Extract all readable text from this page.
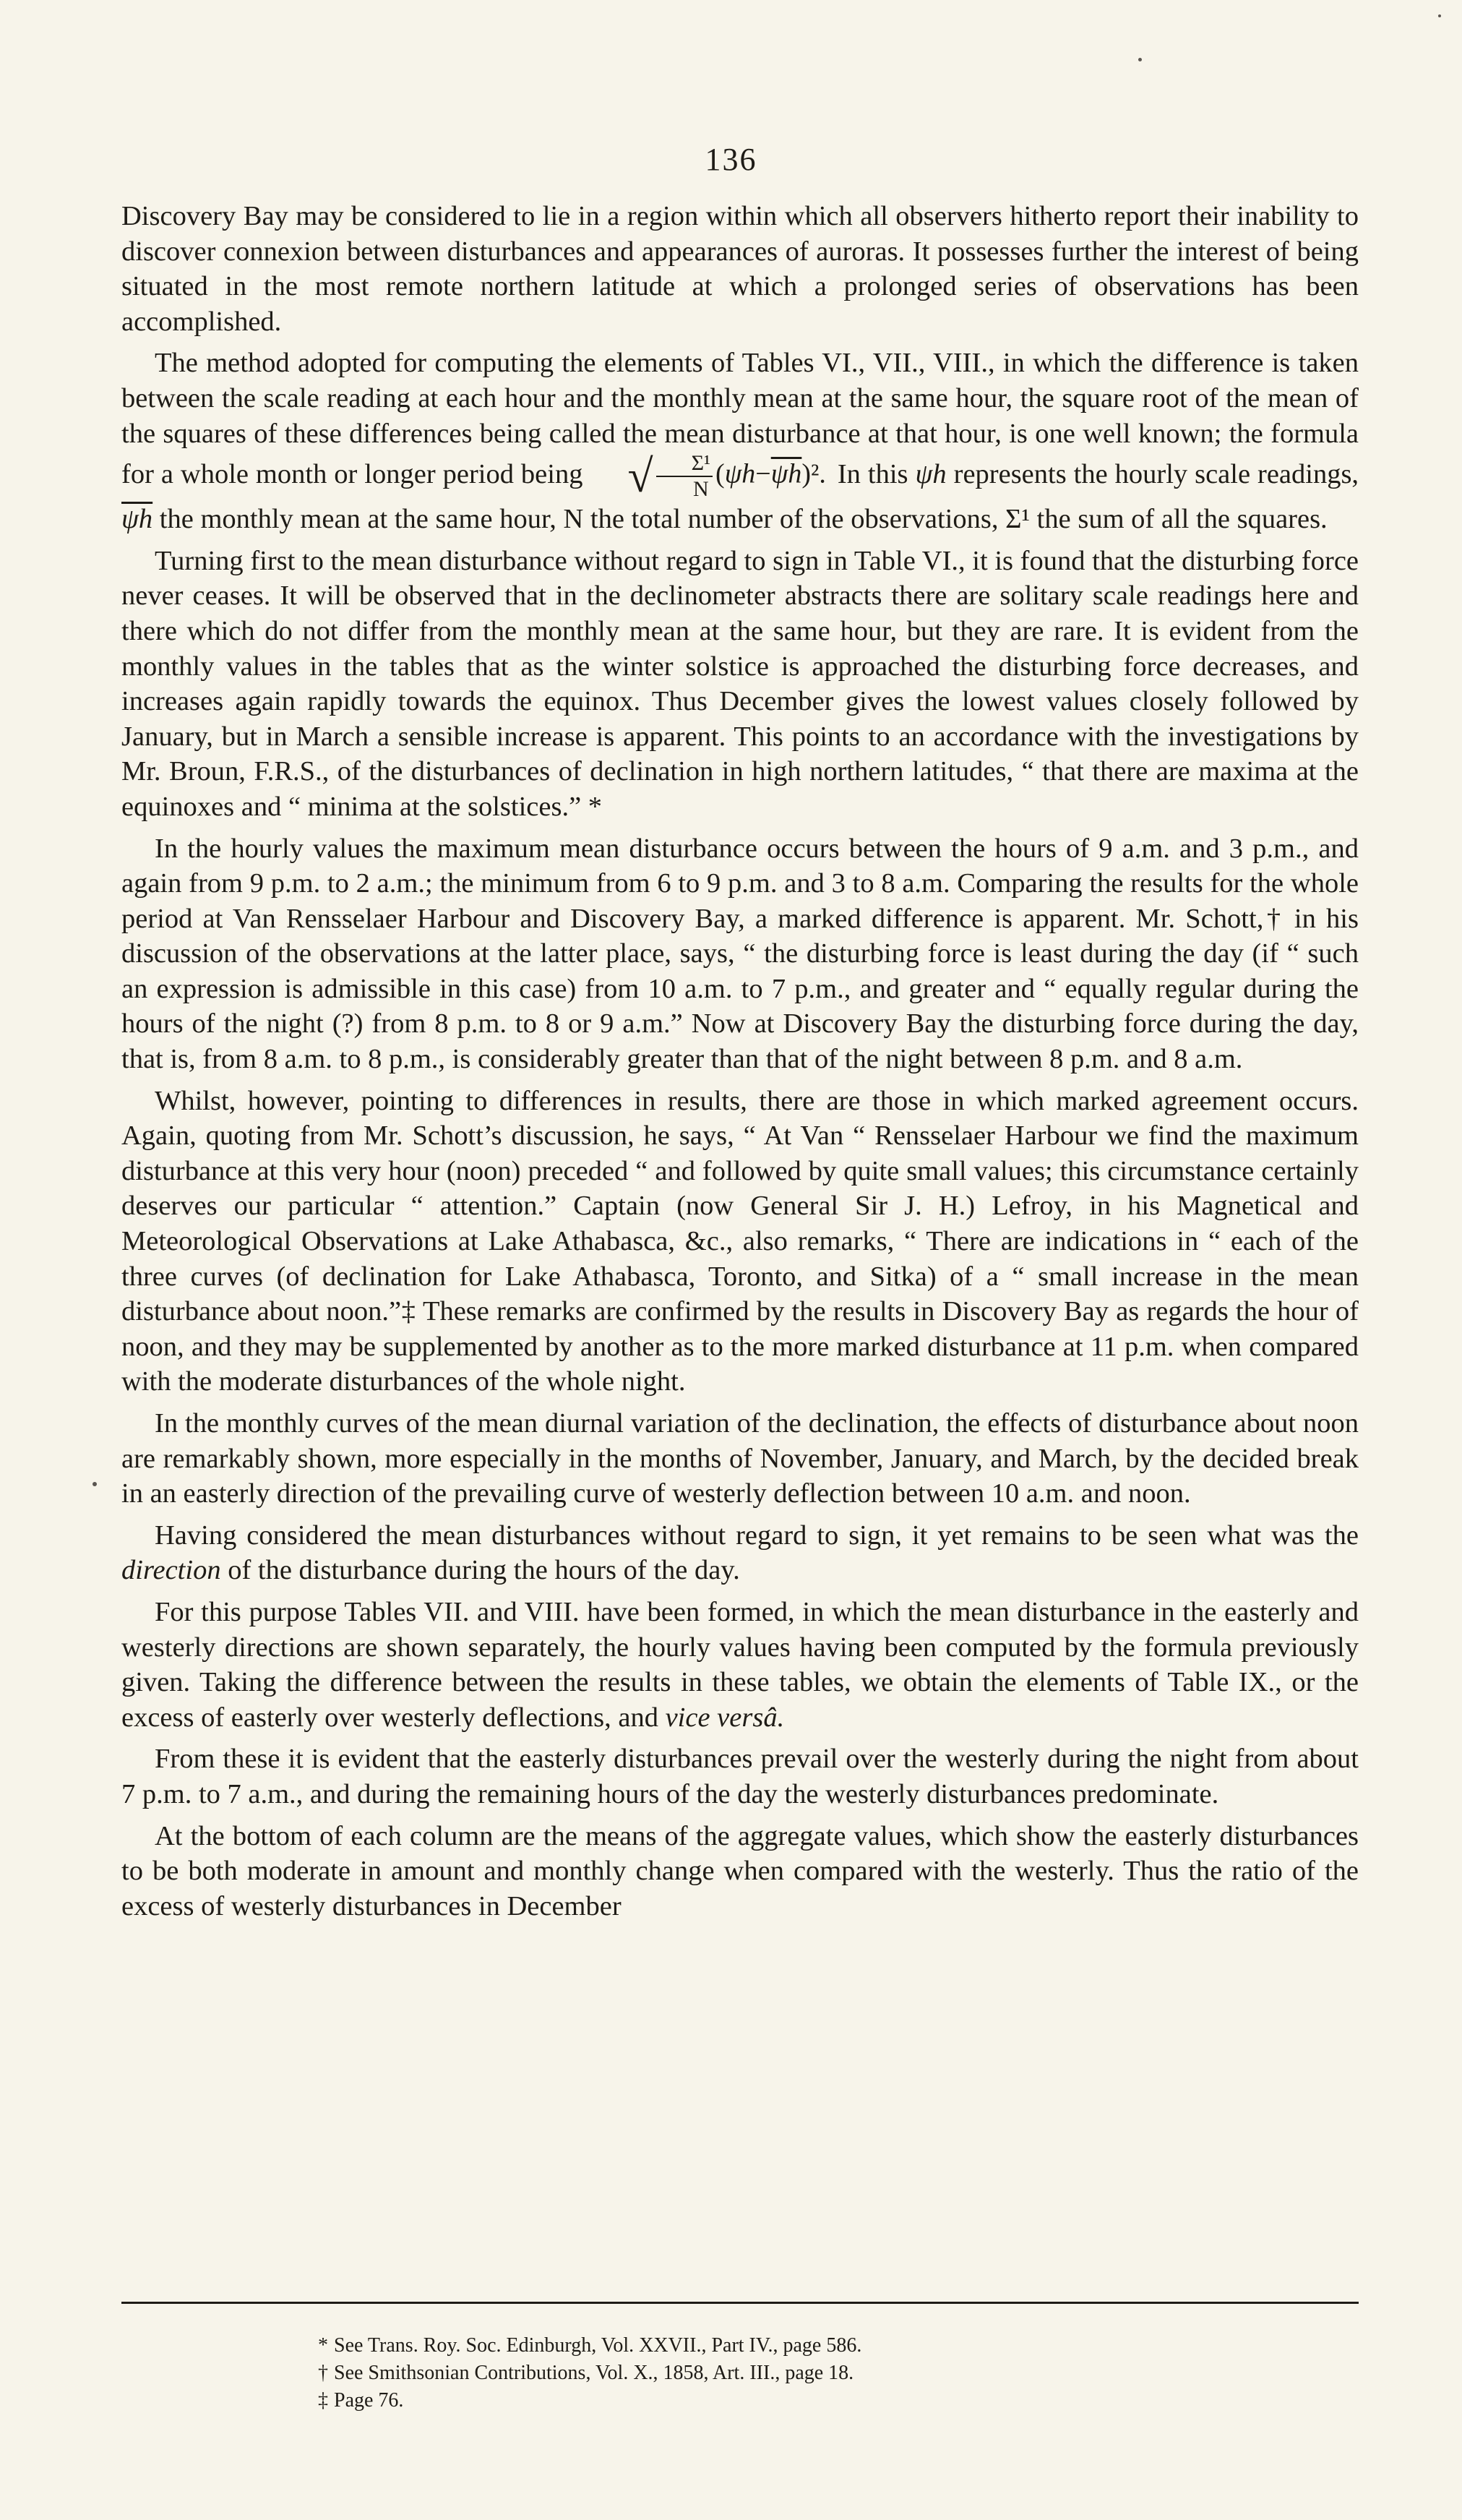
136

Discovery Bay may be considered to lie in a region within which all observers hitherto report their inability to discover connexion between disturbances and appearances of auroras. It possesses further the interest of being situated in the most remote northern latitude at which a prolonged series of observations has been accomplished.

The method adopted for computing the elements of Tables VI., VII., VIII., in which the difference is taken between the scale reading at each hour and the monthly mean at the same hour, the square root of the mean of the squares of these differences being called the mean disturbance at that hour, is one well known; the formula for a whole month or longer period being √ $\frac{\text{Σ¹}}{N} (\psi h-\overline{\psi h})^2$. In this ψh represents the hourly scale readings, $\overline{\psi h}$ the monthly mean at the same hour, N the total number of the observations, Σ¹ the sum of all the squares.

Turning first to the mean disturbance without regard to sign in Table VI., it is found that the disturbing force never ceases. It will be observed that in the declinometer abstracts there are solitary scale readings here and there which do not differ from the monthly mean at the same hour, but they are rare. It is evident from the monthly values in the tables that as the winter solstice is approached the disturbing force decreases, and increases again rapidly towards the equinox. Thus December gives the lowest values closely followed by January, but in March a sensible increase is apparent. This points to an accordance with the investigations by Mr. Broun, F.R.S., of the disturbances of declination in high northern latitudes, “ that there are maxima at the equinoxes and “ minima at the solstices.” *

In the hourly values the maximum mean disturbance occurs between the hours of 9 a.m. and 3 p.m., and again from 9 p.m. to 2 a.m.; the minimum from 6 to 9 p.m. and 3 to 8 a.m. Comparing the results for the whole period at Van Rensselaer Harbour and Discovery Bay, a marked difference is apparent. Mr. Schott,† in his discussion of the observations at the latter place, says, “ the disturbing force is least during the day (if “ such an expression is admissible in this case) from 10 a.m. to 7 p.m., and greater and “ equally regular during the hours of the night (?) from 8 p.m. to 8 or 9 a.m.” Now at Discovery Bay the disturbing force during the day, that is, from 8 a.m. to 8 p.m., is considerably greater than that of the night between 8 p.m. and 8 a.m.

Whilst, however, pointing to differences in results, there are those in which marked agreement occurs. Again, quoting from Mr. Schott’s discussion, he says, “ At Van “ Rensselaer Harbour we find the maximum disturbance at this very hour (noon) preceded “ and followed by quite small values; this circumstance certainly deserves our particular “ attention.” Captain (now General Sir J. H.) Lefroy, in his Magnetical and Meteorological Observations at Lake Athabasca, &c., also remarks, “ There are indications in “ each of the three curves (of declination for Lake Athabasca, Toronto, and Sitka) of a “ small increase in the mean disturbance about noon.”‡ These remarks are confirmed by the results in Discovery Bay as regards the hour of noon, and they may be supplemented by another as to the more marked disturbance at 11 p.m. when compared with the moderate disturbances of the whole night.

In the monthly curves of the mean diurnal variation of the declination, the effects of disturbance about noon are remarkably shown, more especially in the months of November, January, and March, by the decided break in an easterly direction of the prevailing curve of westerly deflection between 10 a.m. and noon.

Having considered the mean disturbances without regard to sign, it yet remains to be seen what was the direction of the disturbance during the hours of the day.

For this purpose Tables VII. and VIII. have been formed, in which the mean disturbance in the easterly and westerly directions are shown separately, the hourly values having been computed by the formula previously given. Taking the difference between the results in these tables, we obtain the elements of Table IX., or the excess of easterly over westerly deflections, and vice versâ.

From these it is evident that the easterly disturbances prevail over the westerly during the night from about 7 p.m. to 7 a.m., and during the remaining hours of the day the westerly disturbances predominate.

At the bottom of each column are the means of the aggregate values, which show the easterly disturbances to be both moderate in amount and monthly change when compared with the westerly. Thus the ratio of the excess of westerly disturbances in December

* See Trans. Roy. Soc. Edinburgh, Vol. XXVII., Part IV., page 586.
† See Smithsonian Contributions, Vol. X., 1858, Art. III., page 18.
‡ Page 76.
